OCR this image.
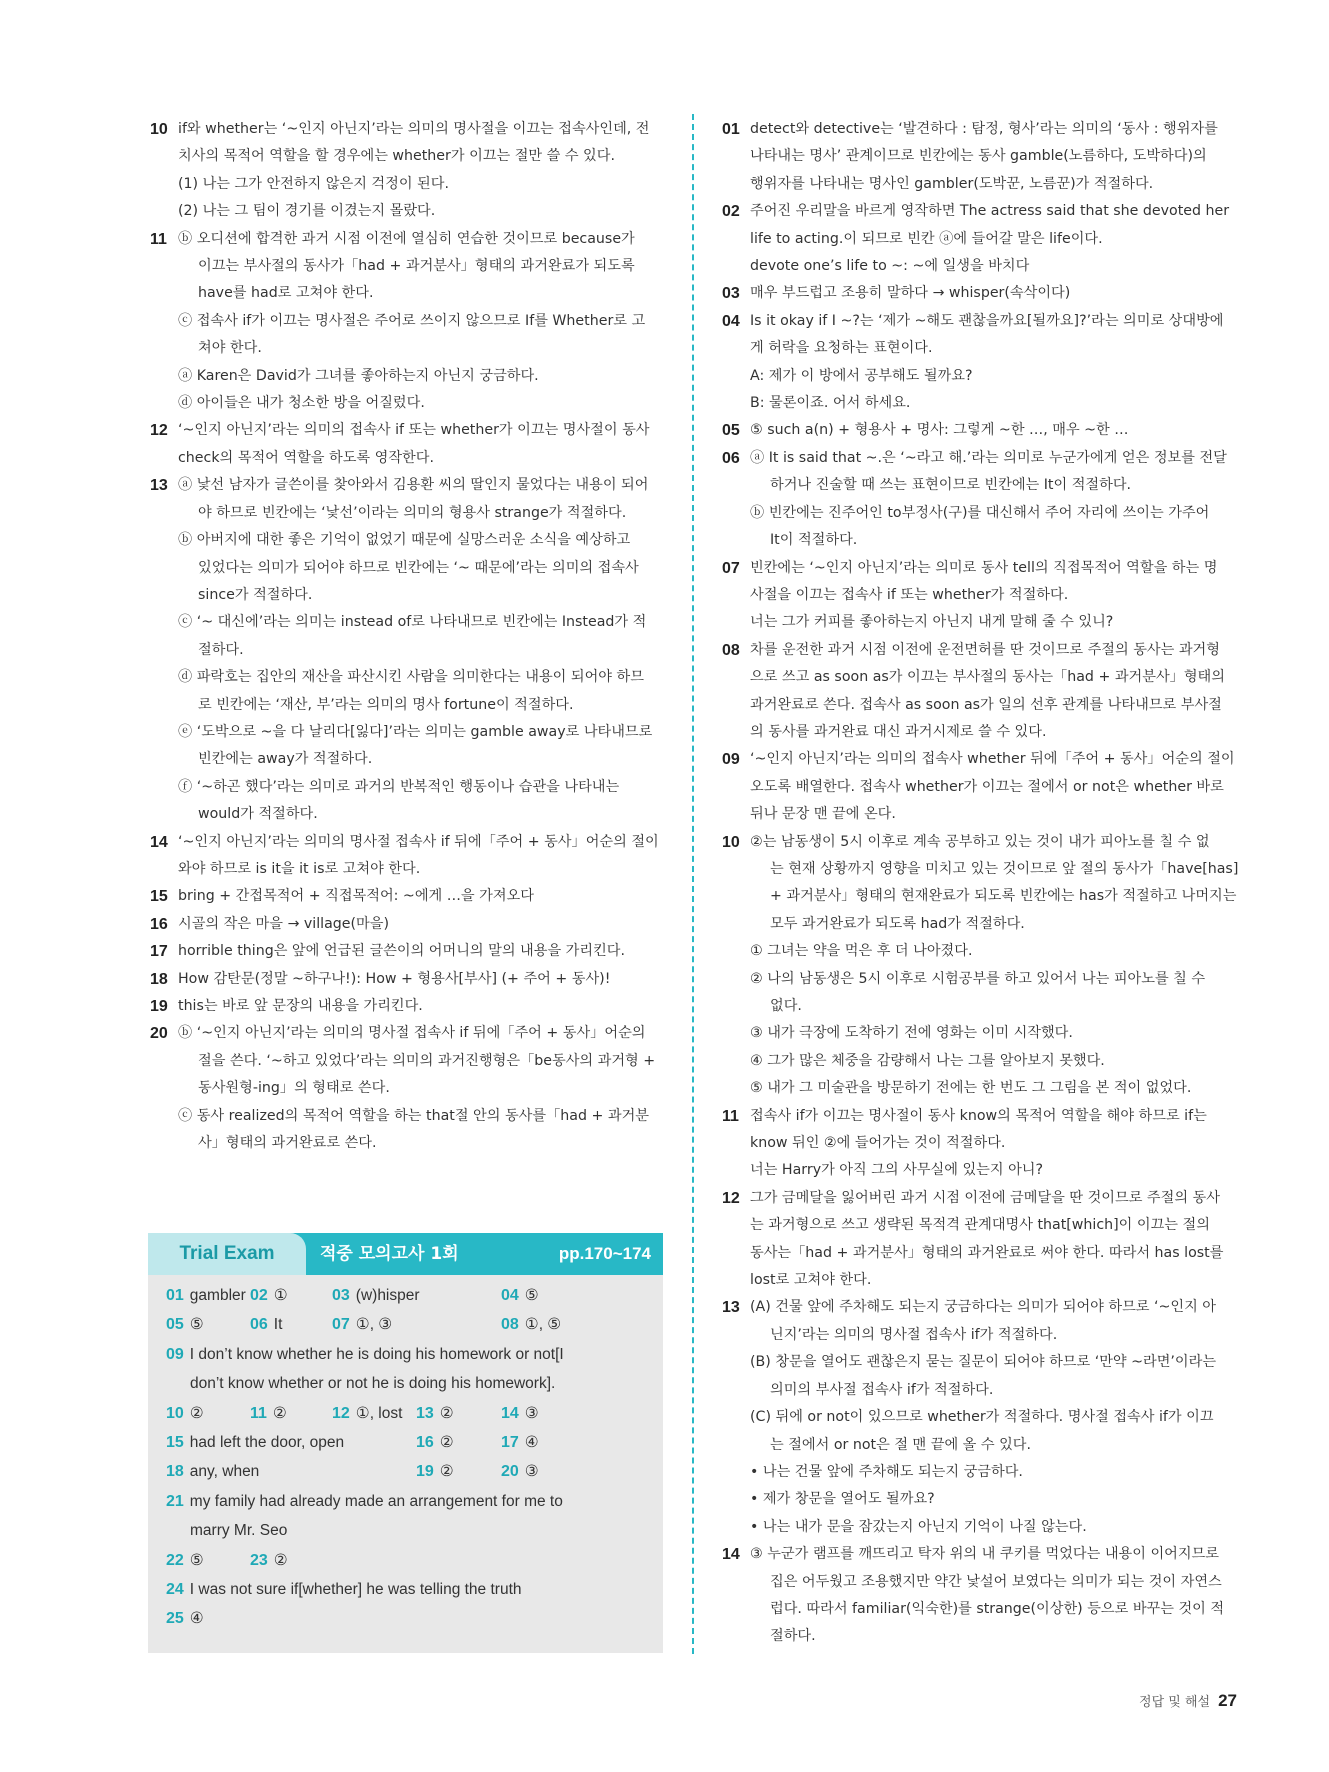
10 if와 whether는 ‘~인지 아닌지’라는 의미의 명사절을 이끄는 접속사인데, 전
치사의 목적어 역할을 할 경우에는 whether가 이끄는 절만 쓸 수 있다.
(1) 나는 그가 안전하지 않은지 걱정이 된다.
(2) 나는 그 팀이 경기를 이겼는지 몰랐다.
11 ⓑ 오디션에 합격한 과거 시점 이전에 열심히 연습한 것이므로 because가
이끄는 부사절의 동사가「had + 과거분사」형태의 과거완료가 되도록
have를 had로 고쳐야 한다.
ⓒ 접속사 if가 이끄는 명사절은 주어로 쓰이지 않으므로 If를 Whether로 고
쳐야 한다.
ⓐ Karen은 David가 그녀를 좋아하는지 아닌지 궁금하다.
ⓓ 아이들은 내가 청소한 방을 어질렀다.
12 ‘~인지 아닌지’라는 의미의 접속사 if 또는 whether가 이끄는 명사절이 동사
check의 목적어 역할을 하도록 영작한다.
13 ⓐ 낯선 남자가 글쓴이를 찾아와서 김용환 씨의 딸인지 물었다는 내용이 되어
야 하므로 빈칸에는 ‘낯선’이라는 의미의 형용사 strange가 적절하다.
ⓑ 아버지에 대한 좋은 기억이 없었기 때문에 실망스러운 소식을 예상하고
있었다는 의미가 되어야 하므로 빈칸에는 ‘~ 때문에’라는 의미의 접속사
since가 적절하다.
ⓒ ‘~ 대신에’라는 의미는 instead of로 나타내므로 빈칸에는 Instead가 적
절하다.
ⓓ 파락호는 집안의 재산을 파산시킨 사람을 의미한다는 내용이 되어야 하므
로 빈칸에는 ‘재산, 부’라는 의미의 명사 fortune이 적절하다.
ⓔ ‘도박으로 ~을 다 날리다[잃다]’라는 의미는 gamble away로 나타내므로
빈칸에는 away가 적절하다.
ⓕ ‘~하곤 했다’라는 의미로 과거의 반복적인 행동이나 습관을 나타내는
would가 적절하다.
14 ‘~인지 아닌지’라는 의미의 명사절 접속사 if 뒤에「주어 + 동사」어순의 절이
와야 하므로 is it을 it is로 고쳐야 한다.
15 bring + 간접목적어 + 직접목적어: ~에게 …을 가져오다
16 시골의 작은 마을 → village(마을)
17 horrible thing은 앞에 언급된 글쓴이의 어머니의 말의 내용을 가리킨다.
18 How 감탄문(정말 ~하구나!): How + 형용사[부사] (+ 주어 + 동사)!
19 this는 바로 앞 문장의 내용을 가리킨다.
20 ⓑ ‘~인지 아닌지’라는 의미의 명사절 접속사 if 뒤에「주어 + 동사」어순의
절을 쓴다. ‘~하고 있었다’라는 의미의 과거진행형은「be동사의 과거형 +
동사원형-ing」의 형태로 쓴다.
ⓒ 동사 realized의 목적어 역할을 하는 that절 안의 동사를「had + 과거분
사」형태의 과거완료로 쓴다.
01 detect와 detective는 ‘발견하다 : 탐정, 형사’라는 의미의 ‘동사 : 행위자를
나타내는 명사’ 관계이므로 빈칸에는 동사 gamble(노름하다, 도박하다)의
행위자를 나타내는 명사인 gambler(도박꾼, 노름꾼)가 적절하다.
02 주어진 우리말을 바르게 영작하면 The actress said that she devoted her
life to acting.이 되므로 빈칸 ⓐ에 들어갈 말은 life이다.
devote one’s life to ~: ~에 일생을 바치다
03 매우 부드럽고 조용히 말하다 → whisper(속삭이다)
04 Is it okay if I ~?는 ‘제가 ~해도 괜찮을까요[될까요]?’라는 의미로 상대방에
게 허락을 요청하는 표현이다.
A: 제가 이 방에서 공부해도 될까요?
B: 물론이죠. 어서 하세요.
05 ⑤ such a(n) + 형용사 + 명사: 그렇게 ~한 …, 매우 ~한 …
06 ⓐ It is said that ~.은 ‘~라고 해.’라는 의미로 누군가에게 얻은 정보를 전달
하거나 진술할 때 쓰는 표현이므로 빈칸에는 It이 적절하다.
ⓑ 빈칸에는 진주어인 to부정사(구)를 대신해서 주어 자리에 쓰이는 가주어
It이 적절하다.
07 빈칸에는 ‘~인지 아닌지’라는 의미로 동사 tell의 직접목적어 역할을 하는 명
사절을 이끄는 접속사 if 또는 whether가 적절하다.
너는 그가 커피를 좋아하는지 아닌지 내게 말해 줄 수 있니?
08 차를 운전한 과거 시점 이전에 운전면허를 딴 것이므로 주절의 동사는 과거형
으로 쓰고 as soon as가 이끄는 부사절의 동사는「had + 과거분사」형태의
과거완료로 쓴다. 접속사 as soon as가 일의 선후 관계를 나타내므로 부사절
의 동사를 과거완료 대신 과거시제로 쓸 수 있다.
09 ‘~인지 아닌지’라는 의미의 접속사 whether 뒤에「주어 + 동사」어순의 절이
오도록 배열한다. 접속사 whether가 이끄는 절에서 or not은 whether 바로
뒤나 문장 맨 끝에 온다.
10 ②는 남동생이 5시 이후로 계속 공부하고 있는 것이 내가 피아노를 칠 수 없
는 현재 상황까지 영향을 미치고 있는 것이므로 앞 절의 동사가「have[has]
+ 과거분사」형태의 현재완료가 되도록 빈칸에는 has가 적절하고 나머지는
모두 과거완료가 되도록 had가 적절하다.
① 그녀는 약을 먹은 후 더 나아졌다.
② 나의 남동생은 5시 이후로 시험공부를 하고 있어서 나는 피아노를 칠 수
없다.
③ 내가 극장에 도착하기 전에 영화는 이미 시작했다.
④ 그가 많은 체중을 감량해서 나는 그를 알아보지 못했다.
⑤ 내가 그 미술관을 방문하기 전에는 한 번도 그 그림을 본 적이 없었다.
11 접속사 if가 이끄는 명사절이 동사 know의 목적어 역할을 해야 하므로 if는
know 뒤인 ②에 들어가는 것이 적절하다.
너는 Harry가 아직 그의 사무실에 있는지 아니?
12 그가 금메달을 잃어버린 과거 시점 이전에 금메달을 딴 것이므로 주절의 동사
는 과거형으로 쓰고 생략된 목적격 관계대명사 that[which]이 이끄는 절의
동사는「had + 과거분사」형태의 과거완료로 써야 한다. 따라서 has lost를
lost로 고쳐야 한다.
13 (A) 건물 앞에 주차해도 되는지 궁금하다는 의미가 되어야 하므로 ‘~인지 아
닌지’라는 의미의 명사절 접속사 if가 적절하다.
(B) 창문을 열어도 괜찮은지 묻는 질문이 되어야 하므로 ‘만약 ~라면’이라는
의미의 부사절 접속사 if가 적절하다.
(C) 뒤에 or not이 있으므로 whether가 적절하다. 명사절 접속사 if가 이끄
는 절에서 or not은 절 맨 끝에 올 수 있다.
• 나는 건물 앞에 주차해도 되는지 궁금하다.
• 제가 창문을 열어도 될까요?
• 나는 내가 문을 잠갔는지 아닌지 기억이 나질 않는다.
14 ③ 누군가 램프를 깨뜨리고 탁자 위의 내 쿠키를 먹었다는 내용이 이어지므로
집은 어두웠고 조용했지만 약간 낯설어 보였다는 의미가 되는 것이 자연스
럽다. 따라서 familiar(익숙한)를 strange(이상한) 등으로 바꾸는 것이 적
절하다.
Trial Exam	적중 모의고사 1회	pp.170~174
01 gambler 02 ①	03 (w)hisper	04 ⑤
05 ⑤	06 It	07 ①, ③	08 ①, ⑤
09 I don’t know whether he is doing his homework or not[I
don’t know whether or not he is doing his homework].
10 ②	11 ②	12 ①, lost 13 ②	14 ③
15 had left the door, open	16 ②	17 ④
18 any, when	19 ②	20 ③
21 my family had already made an arrangement for me to
marry Mr. Seo
22 ⑤	23 ②
24 I was not sure if[whether] he was telling the truth
25 ④
정답 및 해설 27
